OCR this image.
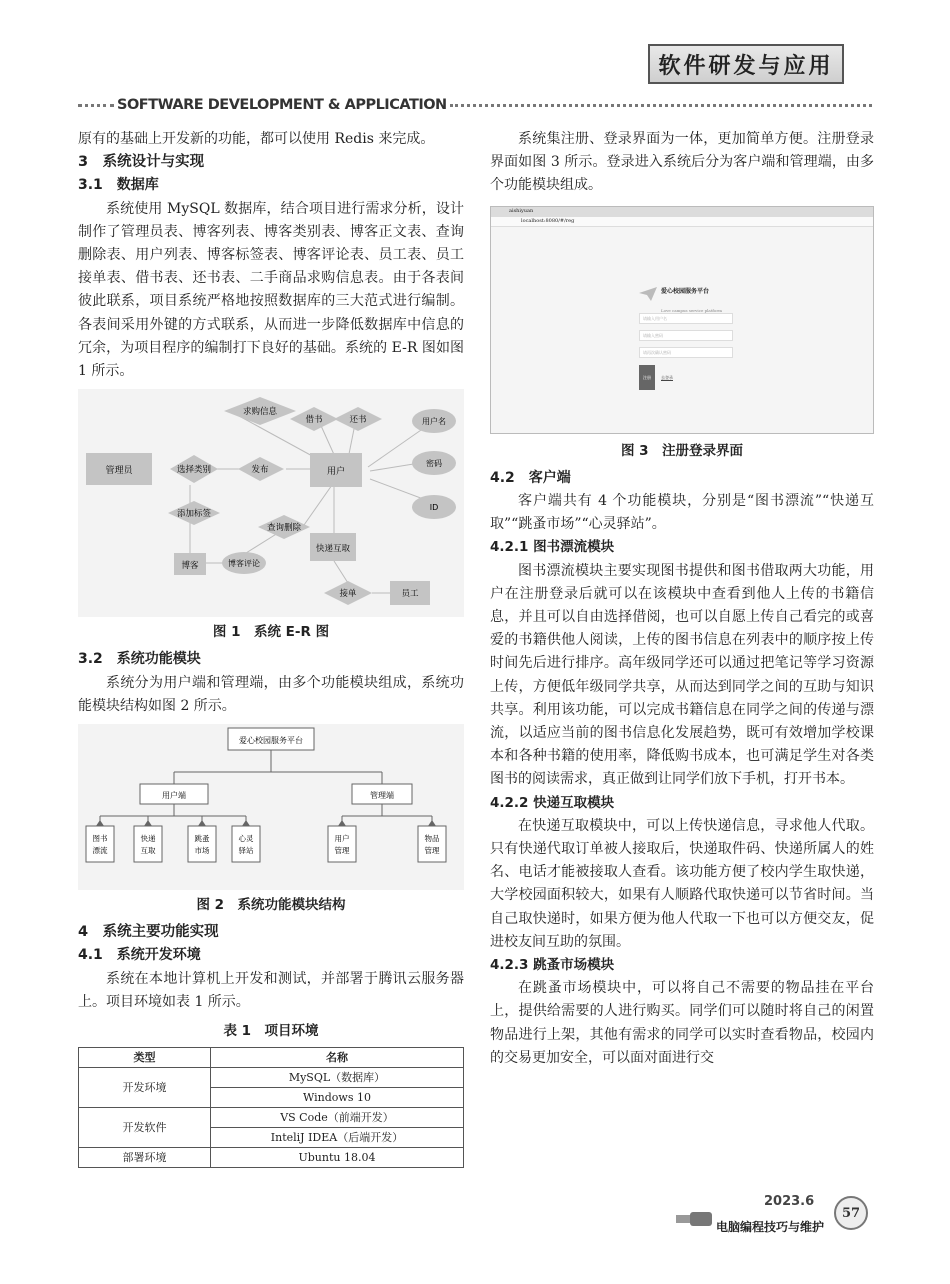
软件研发与应用
SOFTWARE DEVELOPMENT & APPLICATION

原有的基础上开发新的功能，都可以使用 Redis 来完成。

3　系统设计与实现
3.1　数据库

系统使用 MySQL 数据库，结合项目进行需求分析，设计制作了管理员表、博客列表、博客类别表、博客正文表、查询删除表、用户列表、博客标签表、博客评论表、员工表、员工接单表、借书表、还书表、二手商品求购信息表。由于各表间彼此联系，项目系统严格地按照数据库的三大范式进行编制。各表间采用外键的方式联系，从而进一步降低数据库中信息的冗余，为项目程序的编制打下良好的基础。系统的 E-R 图如图 1 所示。

管理员	用户
求购信息
借书	还书	用户名
密码
ID
选择类别	发布
添加标签
查询删除
快递互取
博客	博客评论
接单	员工
图 1　系统 E-R 图
3.2　系统功能模块

系统分为用户端和管理端，由多个功能模块组成，系统功能模块结构如图 2 所示。

爱心校园服务平台
用户端	管理端
图书
漂流
快递
互取
跳蚤
市场
心灵
驿站
用户
管理
物品
管理
图 2　系统功能模块结构
4　系统主要功能实现
4.1　系统开发环境

系统在本地计算机上开发和测试，并部署于腾讯云服务器上。项目环境如表 1 所示。

表 1　项目环境
类型	名称
开发环境	MySQL（数据库）
	Windows 10
开发软件	VS Code（前端开发）
	InteliJ IDEA（后端开发）
部署环境	Ubuntu 18.04

系统集注册、登录界面为一体，更加简单方便。注册登录界面如图 3 所示。登录进入系统后分为客户端和管理端，由多个功能模块组成。

aishiyuan
localhost:8080/#/reg
爱心校园服务平台
Love campus service platform
请输入用户名
请输入密码
请再次确认密码
注册	去登录
图 3　注册登录界面
4.2　客户端

客户端共有 4 个功能模块，分别是“图书漂流”“快递互取”“跳蚤市场”“心灵驿站”。

4.2.1 图书漂流模块

图书漂流模块主要实现图书提供和图书借取两大功能，用户在注册登录后就可以在该模块中查看到他人上传的书籍信息，并且可以自由选择借阅，也可以自愿上传自己看完的或喜爱的书籍供他人阅读，上传的图书信息在列表中的顺序按上传时间先后进行排序。高年级同学还可以通过把笔记等学习资源上传，方便低年级同学共享，从而达到同学之间的互助与知识共享。利用该功能，可以完成书籍信息在同学之间的传递与漂流，以适应当前的图书信息化发展趋势，既可有效增加学校课本和各种书籍的使用率，降低购书成本，也可满足学生对各类图书的阅读需求，真正做到让同学们放下手机，打开书本。

4.2.2 快递互取模块

在快递互取模块中，可以上传快递信息，寻求他人代取。只有快递代取订单被人接取后，快递取件码、快递所属人的姓名、电话才能被接取人查看。该功能方便了校内学生取快递，大学校园面积较大，如果有人顺路代取快递可以节省时间。当自己取快递时，如果方便为他人代取一下也可以方便交友，促进校友间互助的氛围。

4.2.3 跳蚤市场模块

在跳蚤市场模块中，可以将自己不需要的物品挂在平台上，提供给需要的人进行购买。同学们可以随时将自己的闲置物品进行上架，其他有需求的同学可以实时查看物品，校园内的交易更加安全，可以面对面进行交

2023.6
电脑编程技巧与维护
57
